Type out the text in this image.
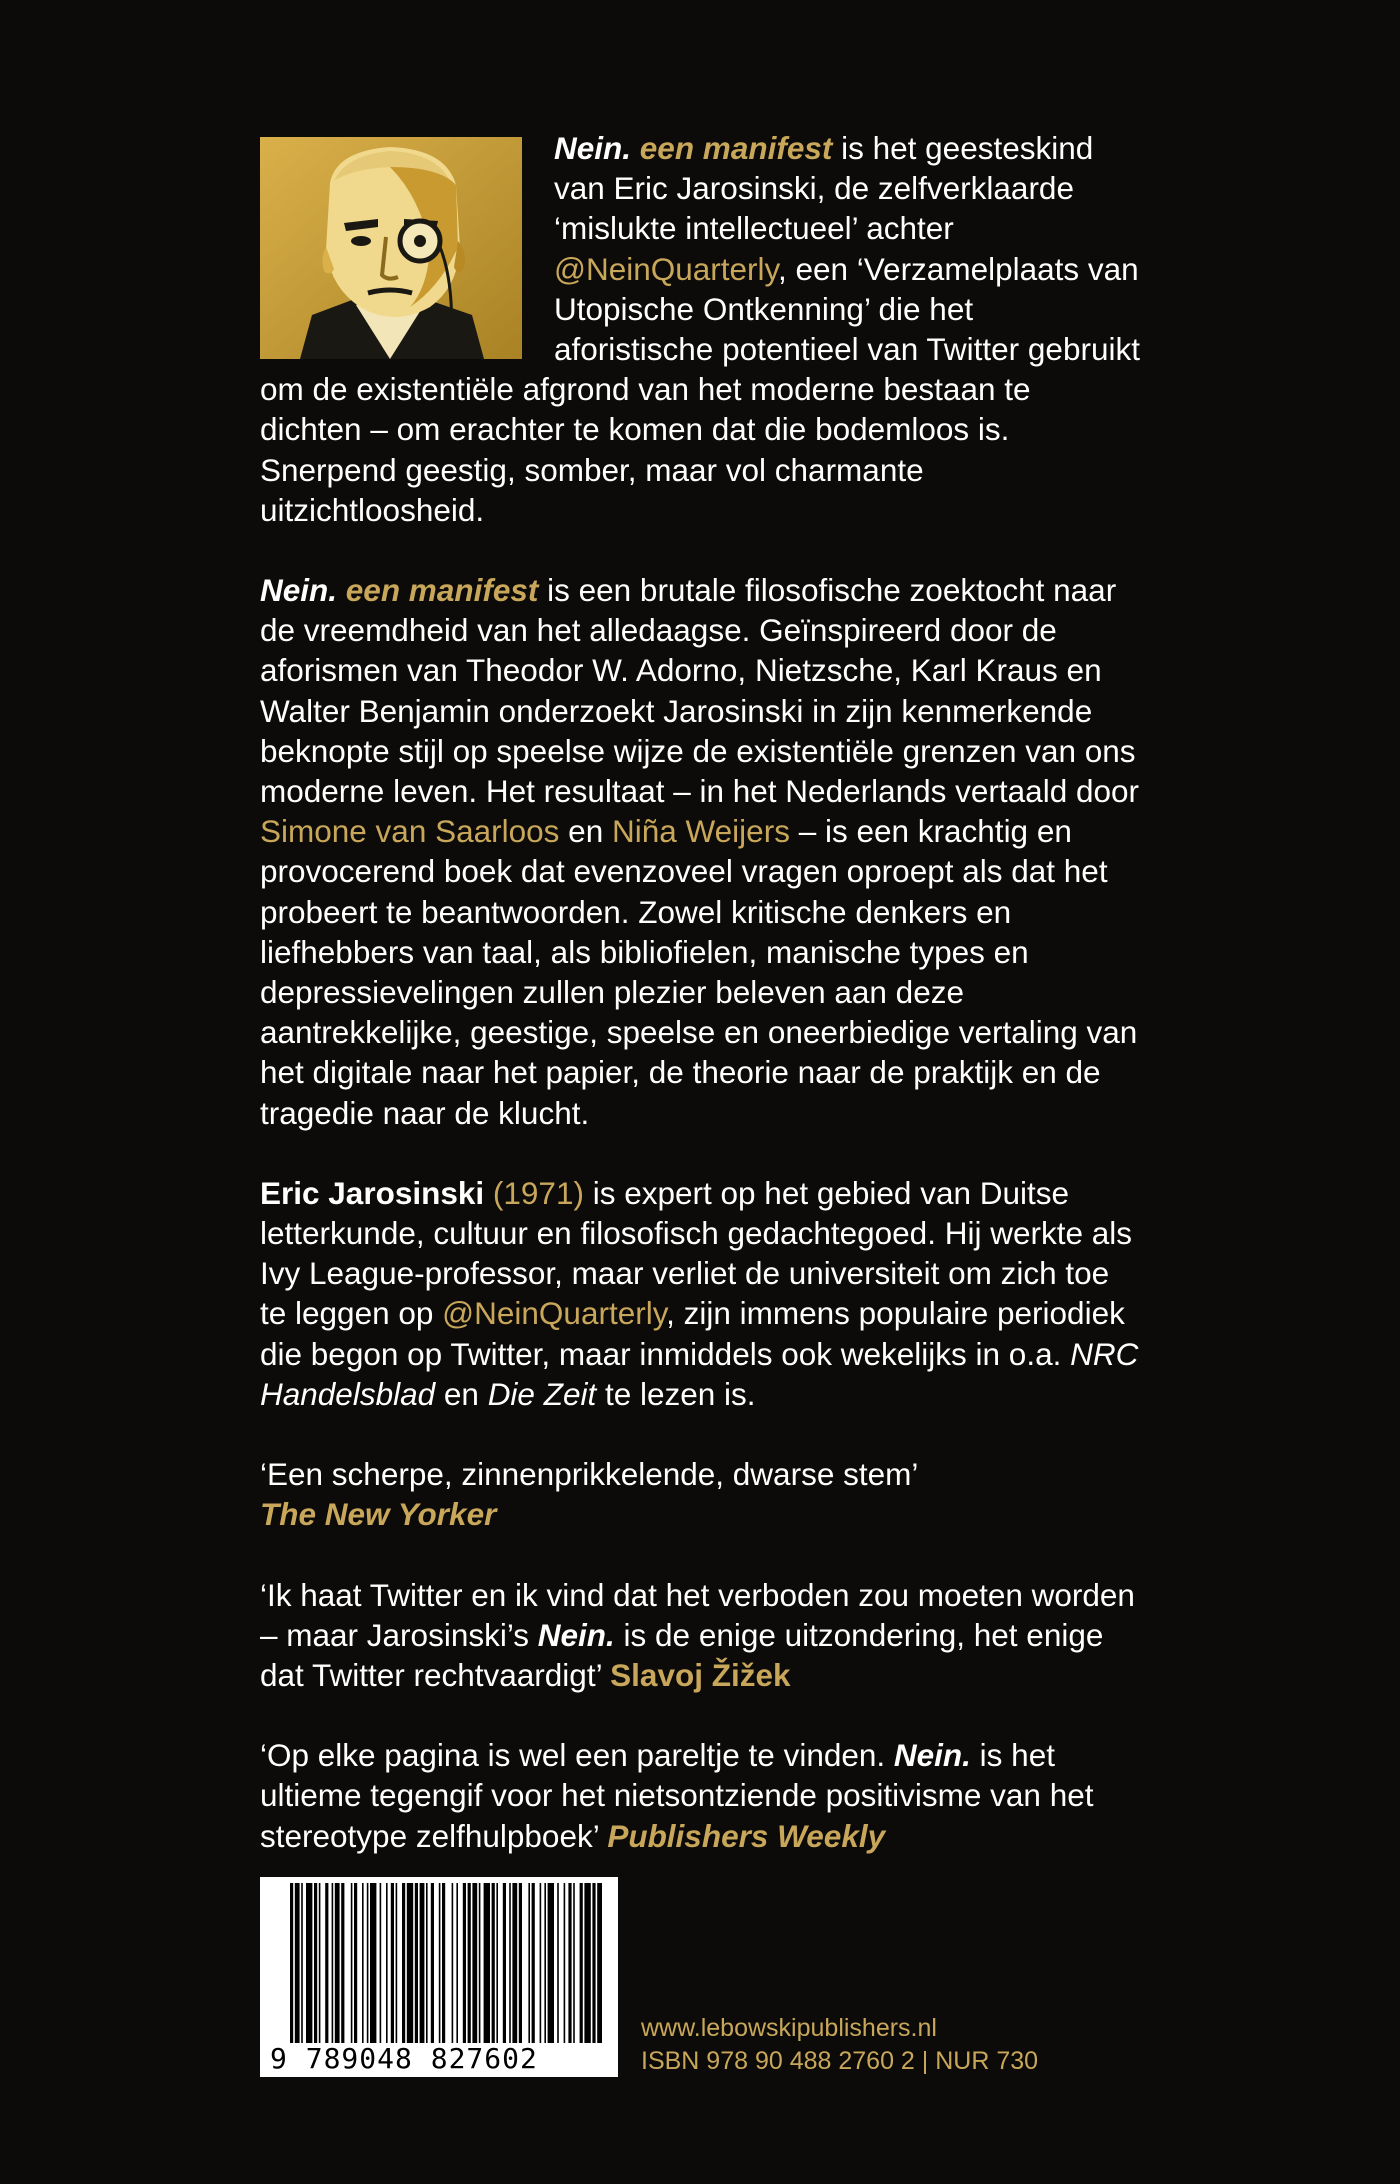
Nein. een manifest is het geesteskind van Eric Jarosinski, de zelfverklaarde ‘mislukte intellectueel’ achter @NeinQuarterly, een ‘Verzamelplaats van Utopische Ontkenning’ die het aforistische potentieel van Twitter gebruikt om de existentiële afgrond van het moderne bestaan te dichten – om erachter te komen dat die bodemloos is. Snerpend geestig, somber, maar vol charmante uitzichtloosheid.

Nein. een manifest is een brutale filosofische zoektocht naar de vreemdheid van het alledaagse. Geïnspireerd door de aforismen van Theodor W. Adorno, Nietzsche, Karl Kraus en Walter Benjamin onderzoekt Jarosinski in zijn kenmerkende beknopte stijl op speelse wijze de existentiële grenzen van ons moderne leven. Het resultaat – in het Nederlands vertaald door Simone van Saarloos en Niña Weijers – is een krachtig en provocerend boek dat evenzoveel vragen oproept als dat het probeert te beantwoorden. Zowel kritische denkers en liefhebbers van taal, als bibliofielen, manische types en depressievelingen zullen plezier beleven aan deze aantrekkelijke, geestige, speelse en oneerbiedige vertaling van het digitale naar het papier, de theorie naar de praktijk en de tragedie naar de klucht.

Eric Jarosinski (1971) is expert op het gebied van Duitse letterkunde, cultuur en filosofisch gedachtegoed. Hij werkte als Ivy League-professor, maar verliet de universiteit om zich toe te leggen op @NeinQuarterly, zijn immens populaire periodiek die begon op Twitter, maar inmiddels ook wekelijks in o.a. NRC Handelsblad en Die Zeit te lezen is.

‘Een scherpe, zinnenprikkelende, dwarse stem’
The New Yorker

‘Ik haat Twitter en ik vind dat het verboden zou moeten worden – maar Jarosinski’s Nein. is de enige uitzondering, het enige dat Twitter rechtvaardigt’ Slavoj Žižek

‘Op elke pagina is wel een pareltje te vinden. Nein. is het ultieme tegengif voor het nietsontziende positivisme van het stereotype zelfhulpboek’ Publishers Weekly

9 789048 827602
www.lebowskipublishers.nl
ISBN 978 90 488 2760 2 | NUR 730
